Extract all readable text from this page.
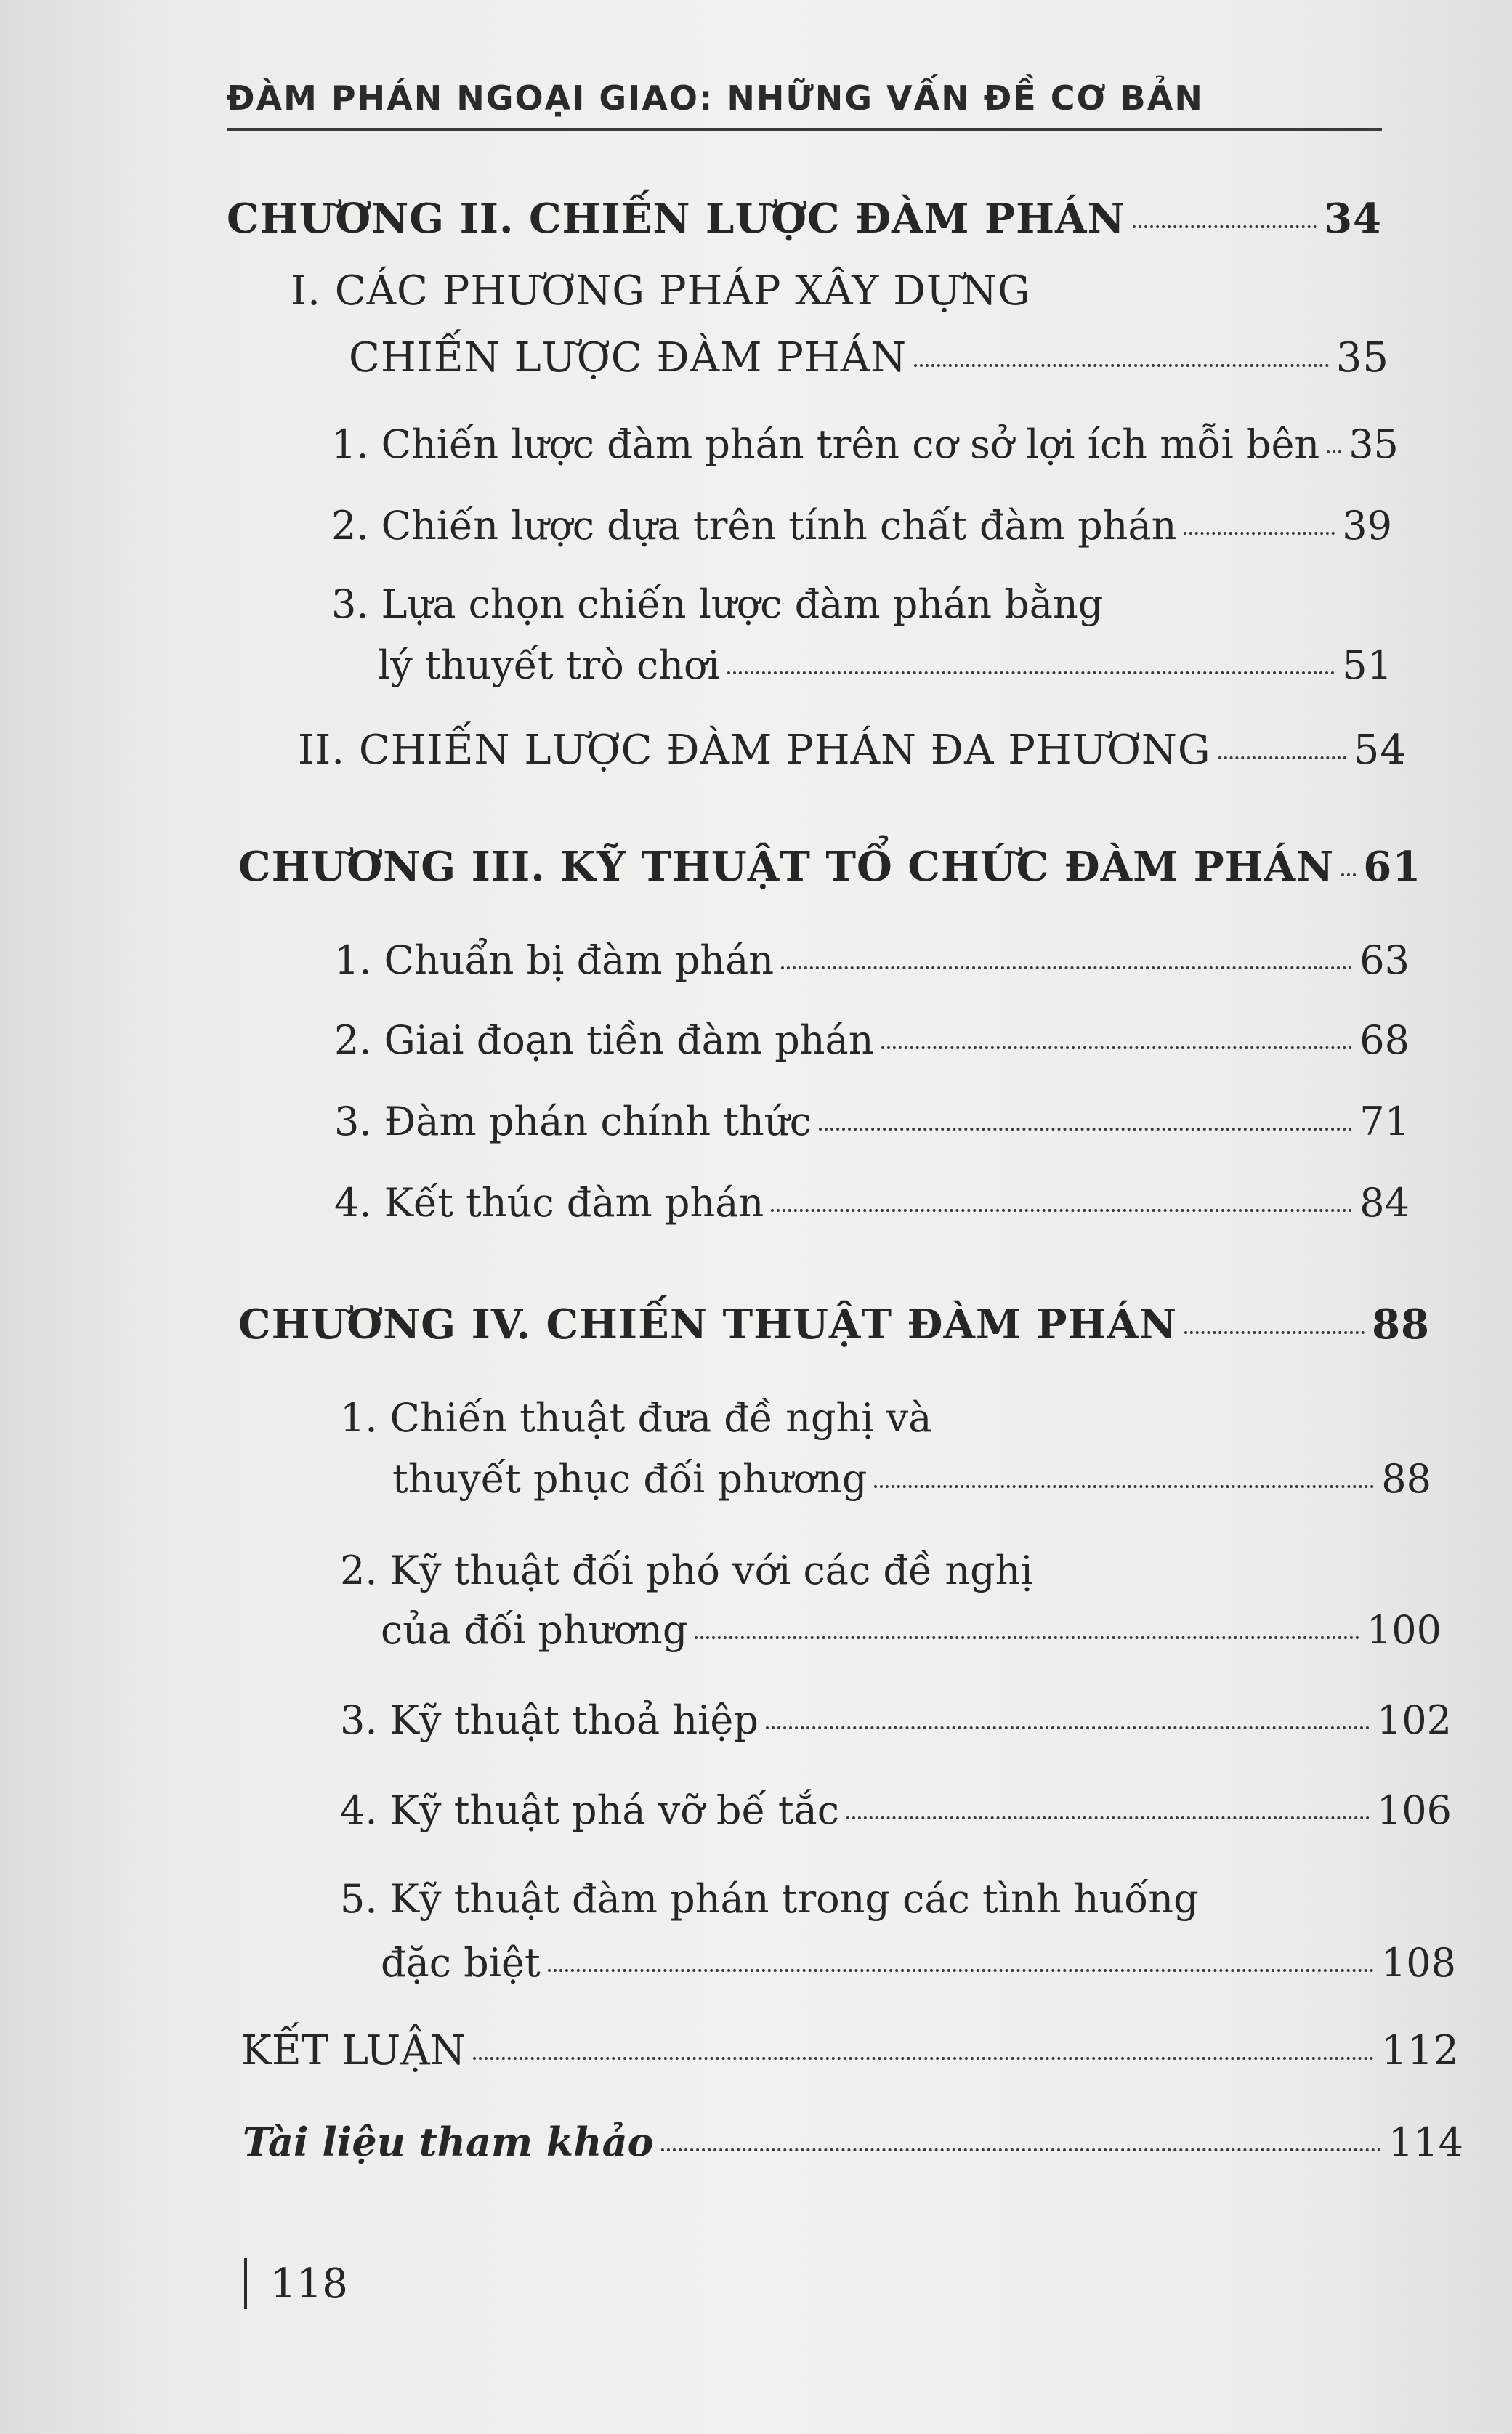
ĐÀM PHÁN NGOẠI GIAO: NHỮNG VẤN ĐỀ CƠ BẢN
CHƯƠNG II. CHIẾN LƯỢC ĐÀM PHÁN	34
I. CÁC PHƯƠNG PHÁP XÂY DỰNG
CHIẾN LƯỢC ĐÀM PHÁN	35
1. Chiến lược đàm phán trên cơ sở lợi ích mỗi bên 35
2. Chiến lược dựa trên tính chất đàm phán	39
3. Lựa chọn chiến lược đàm phán bằng
lý thuyết trò chơi	51
II. CHIẾN LƯỢC ĐÀM PHÁN ĐA PHƯƠNG	54
CHƯƠNG III. KỸ THUẬT TỔ CHỨC ĐÀM PHÁN 61
1. Chuẩn bị đàm phán	63
2. Giai đoạn tiền đàm phán	68
3. Đàm phán chính thức	71
4. Kết thúc đàm phán	84
CHƯƠNG IV. CHIẾN THUẬT ĐÀM PHÁN	88
1. Chiến thuật đưa đề nghị và
thuyết phục đối phương	88
2. Kỹ thuật đối phó với các đề nghị
của đối phương	100
3. Kỹ thuật thoả hiệp	102
4. Kỹ thuật phá vỡ bế tắc	106
5. Kỹ thuật đàm phán trong các tình huống
đặc biệt	108
KẾT LUẬN	112
Tài liệu tham khảo	114
118
